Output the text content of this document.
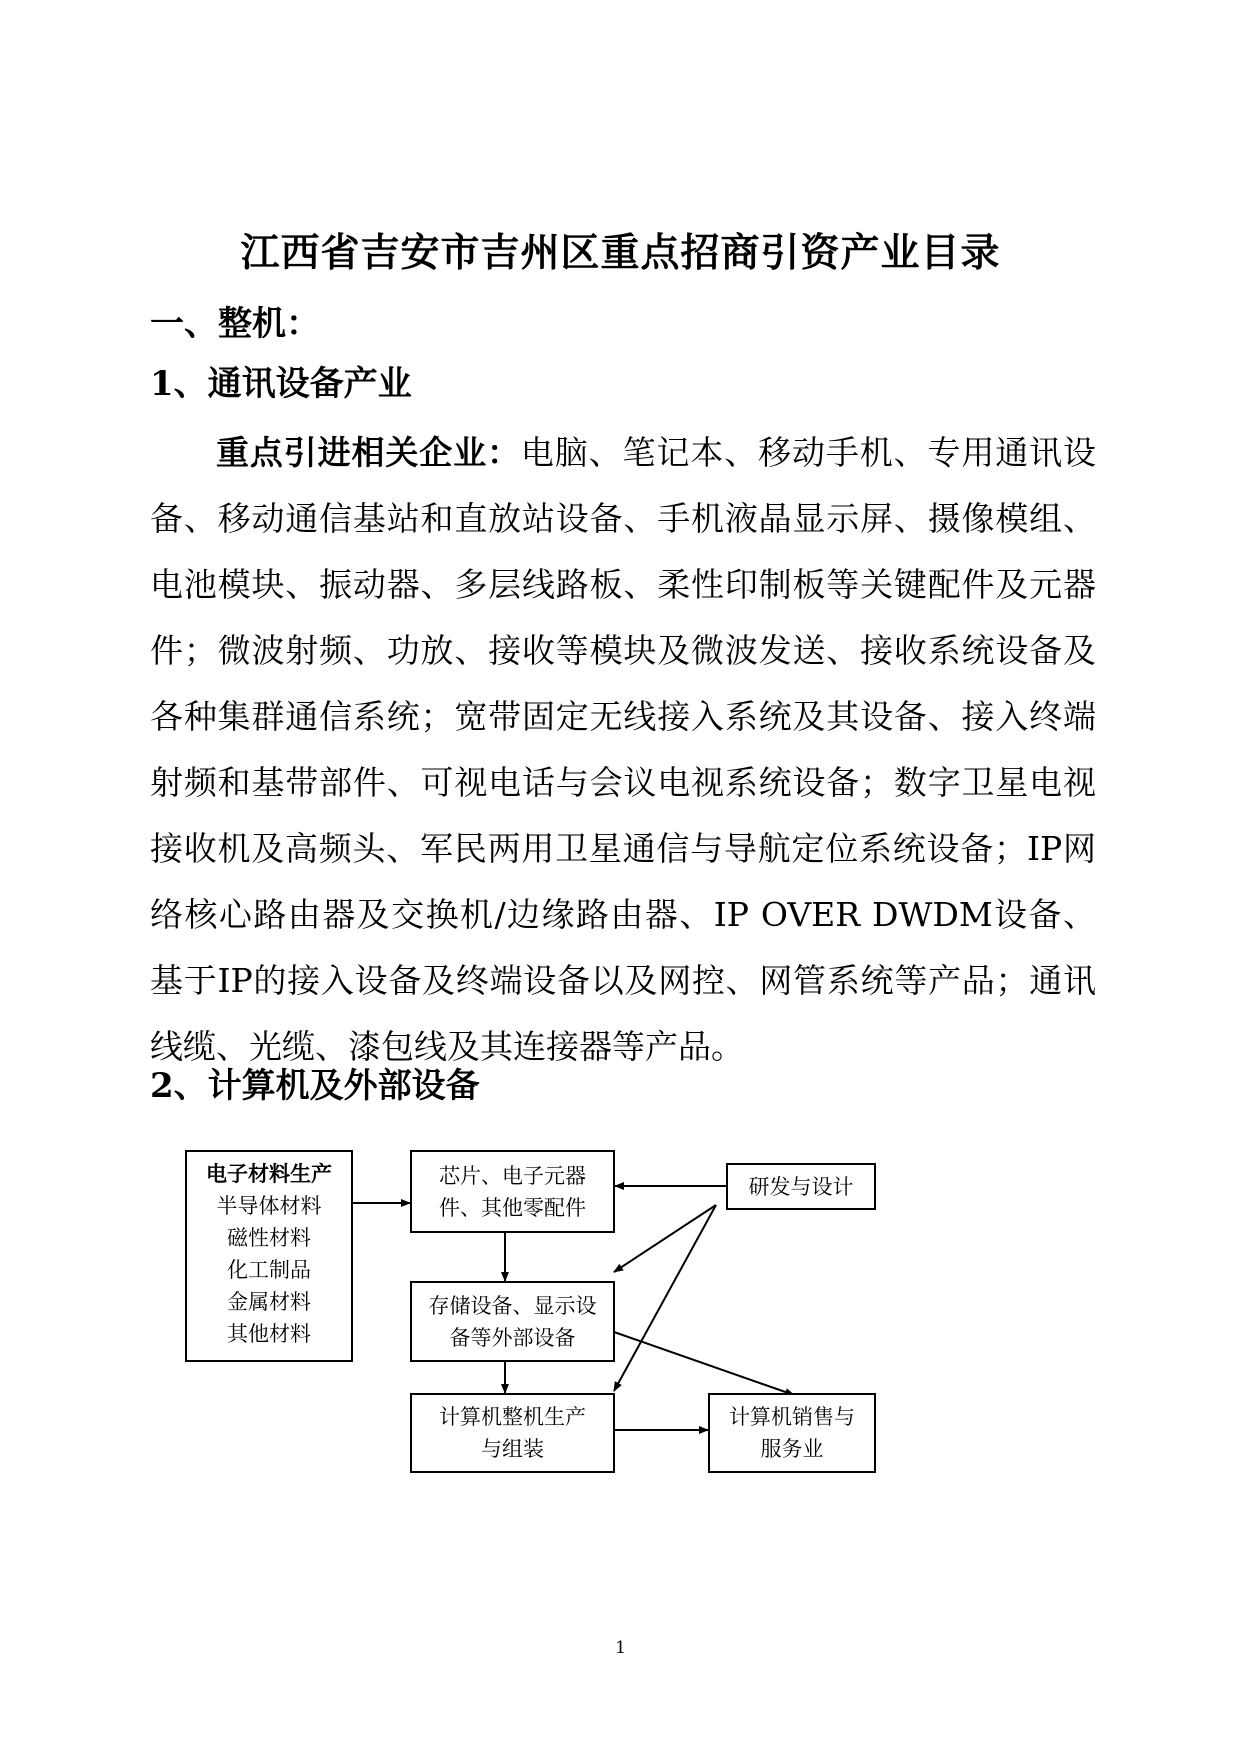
江西省吉安市吉州区重点招商引资产业目录
一、整机：
1、通讯设备产业
重点引进相关企业：电脑、笔记本、移动手机、专用通讯设备、移动通信基站和直放站设备、手机液晶显示屏、摄像模组、电池模块、振动器、多层线路板、柔性印制板等关键配件及元器件；微波射频、功放、接收等模块及微波发送、接收系统设备及各种集群通信系统；宽带固定无线接入系统及其设备、接入终端射频和基带部件、可视电话与会议电视系统设备；数字卫星电视接收机及高频头、军民两用卫星通信与导航定位系统设备；IP网络核心路由器及交换机/边缘路由器、IP OVER DWDM设备、基于IP的接入设备及终端设备以及网控、网管系统等产品；通讯线缆、光缆、漆包线及其连接器等产品。
2、计算机及外部设备
电子材料生产
半导体材料
磁性材料
化工制品
金属材料
其他材料
芯片、电子元器
件、其他零配件
研发与设计
存储设备、显示设
备等外部设备
计算机整机生产
与组装
计算机销售与
服务业
1
